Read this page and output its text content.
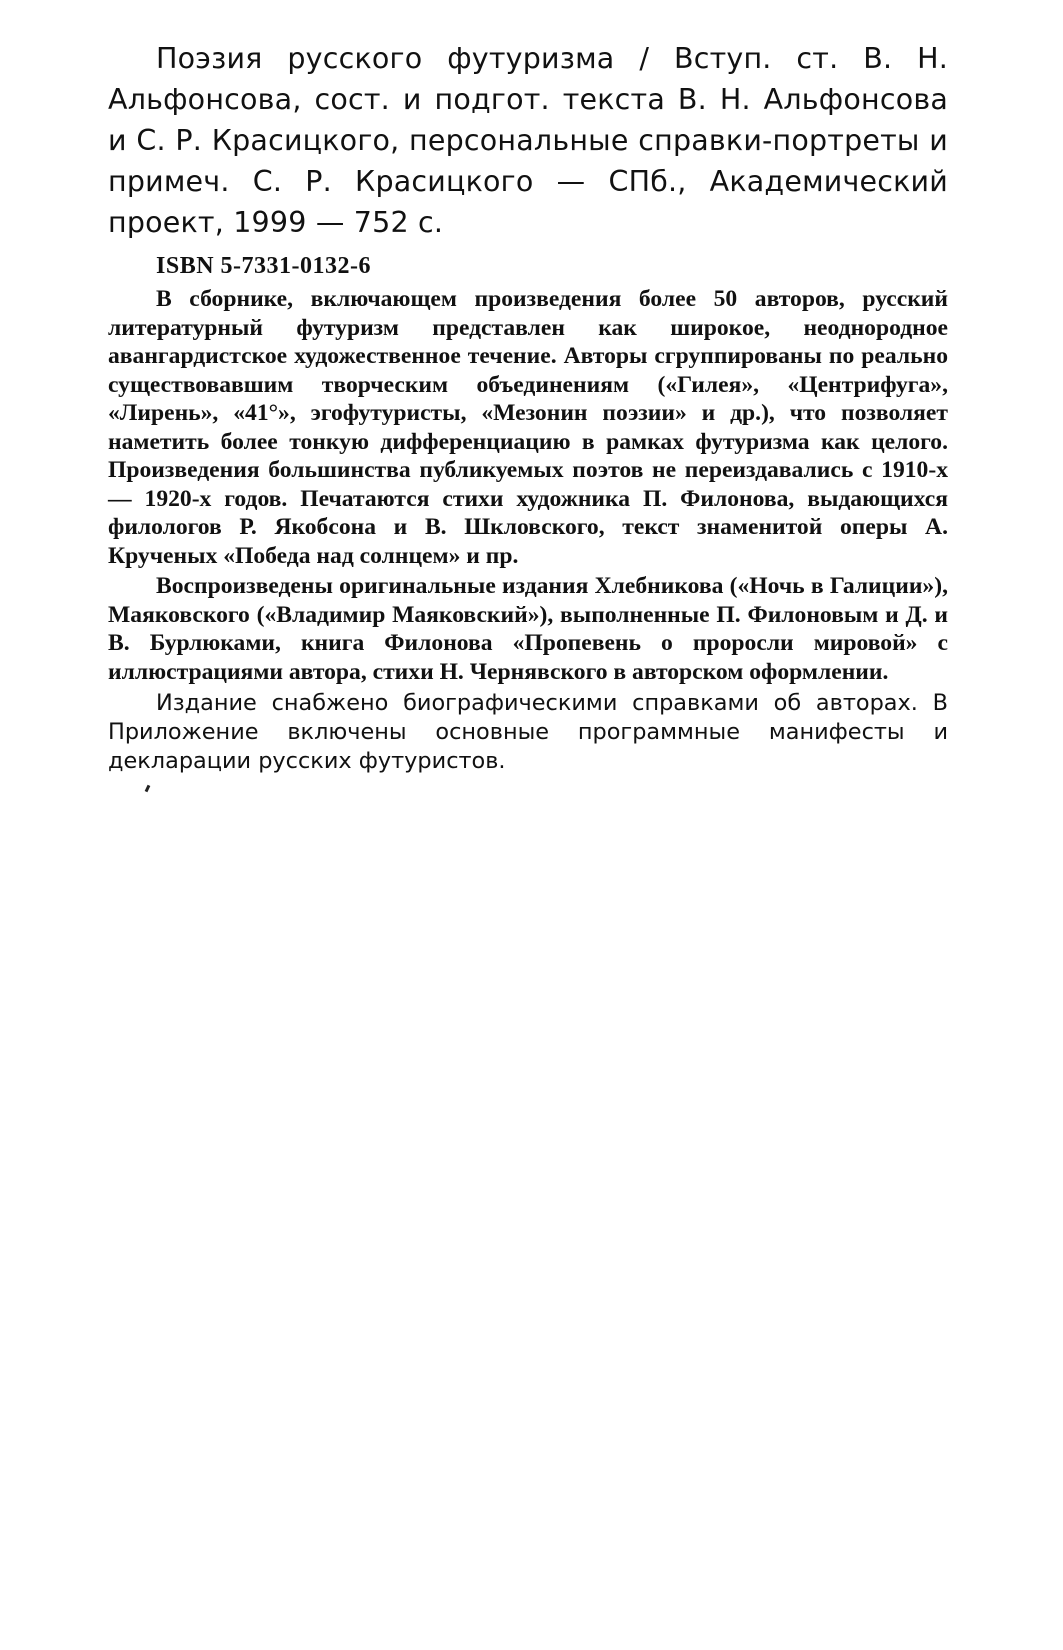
Поэзия русского футуризма / Вступ. ст. В. Н. Альфонсова, сост. и подгот. текста В. Н. Альфонсова и С. Р. Красицкого, персональные справки-портреты и примеч. С. Р. Красицкого — СПб., Академический проект, 1999 — 752 с.

ISBN 5-7331-0132-6

В сборнике, включающем произведения более 50 авторов, русский литературный футуризм представлен как широкое, неоднородное авангардистское художественное течение. Авторы сгруппированы по реально существовавшим творческим объединениям («Гилея», «Центрифуга», «Лирень», «41°», эгофутуристы, «Мезонин поэзии» и др.), что позволяет наметить более тонкую дифференциацию в рамках футуризма как целого. Произведения большинства публикуемых поэтов не переиздавались с 1910-х — 1920-х годов. Печатаются стихи художника П. Филонова, выдающихся филологов Р. Якобсона и В. Шкловского, текст знаменитой оперы А. Крученых «Победа над солнцем» и пр.

Воспроизведены оригинальные издания Хлебникова («Ночь в Галиции»), Маяковского («Владимир Маяковский»), выполненные П. Филоновым и Д. и В. Бурлюками, книга Филонова «Пропевень о проросли мировой» с иллюстрациями автора, стихи Н. Чернявского в авторском оформлении.

Издание снабжено биографическими справками об авторах. В Приложение включены основные программные манифесты и декларации русских футуристов.
